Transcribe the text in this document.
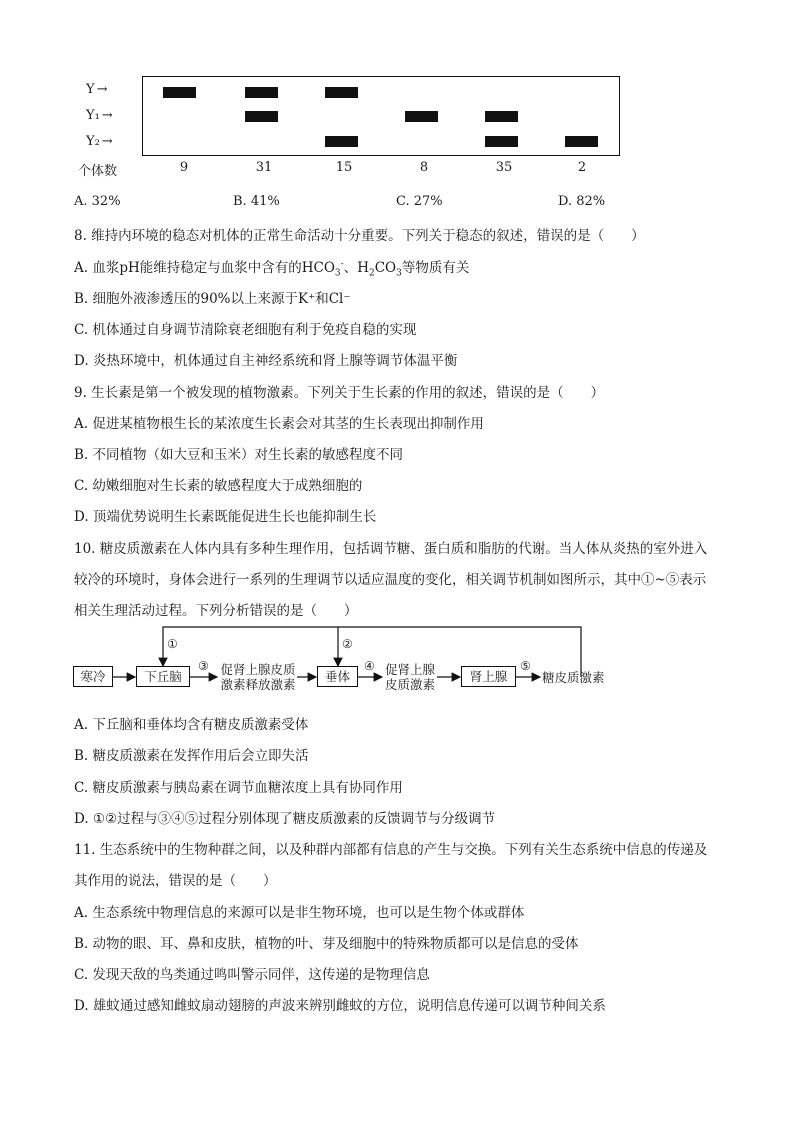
Y →
Y₁ →
Y₂ →
个体数	9	31	15	8	35	2
A. 32%	B. 41%	C. 27%	D. 82%
8. 维持内环境的稳态对机体的正常生命活动十分重要。下列关于稳态的叙述，错误的是（　　）
A. 血浆pH能维持稳定与血浆中含有的$HCO_3^-$、$H_2CO_3$等物质有关
B. 细胞外液渗透压的90%以上来源于K⁺和Cl⁻
C. 机体通过自身调节清除衰老细胞有利于免疫自稳的实现
D. 炎热环境中，机体通过自主神经系统和肾上腺等调节体温平衡
9. 生长素是第一个被发现的植物激素。下列关于生长素的作用的叙述，错误的是（　　）
A. 促进某植物根生长的某浓度生长素会对其茎的生长表现出抑制作用
B. 不同植物（如大豆和玉米）对生长素的敏感程度不同
C. 幼嫩细胞对生长素的敏感程度大于成熟细胞的
D. 顶端优势说明生长素既能促进生长也能抑制生长
10. 糖皮质激素在人体内具有多种生理作用，包括调节糖、蛋白质和脂肪的代谢。当人体从炎热的室外进入
较冷的环境时，身体会进行一系列的生理调节以适应温度的变化，相关调节机制如图所示，其中①~⑤表示
相关生理活动过程。下列分析错误的是（　　）
寒冷	下丘脑	促肾上腺皮质
激素释放激素
垂体	促肾上腺
皮质激素
肾上腺	糖皮质激素
①	②
③	④	⑤
A. 下丘脑和垂体均含有糖皮质激素受体
B. 糖皮质激素在发挥作用后会立即失活
C. 糖皮质激素与胰岛素在调节血糖浓度上具有协同作用
D. ①②过程与③④⑤过程分别体现了糖皮质激素的反馈调节与分级调节
11. 生态系统中的生物种群之间，以及种群内部都有信息的产生与交换。下列有关生态系统中信息的传递及
其作用的说法，错误的是（　　）
A. 生态系统中物理信息的来源可以是非生物环境，也可以是生物个体或群体
B. 动物的眼、耳、鼻和皮肤，植物的叶、芽及细胞中的特殊物质都可以是信息的受体
C. 发现天敌的鸟类通过鸣叫警示同伴，这传递的是物理信息
D. 雄蚊通过感知雌蚊扇动翅膀的声波来辨别雌蚊的方位，说明信息传递可以调节种间关系
